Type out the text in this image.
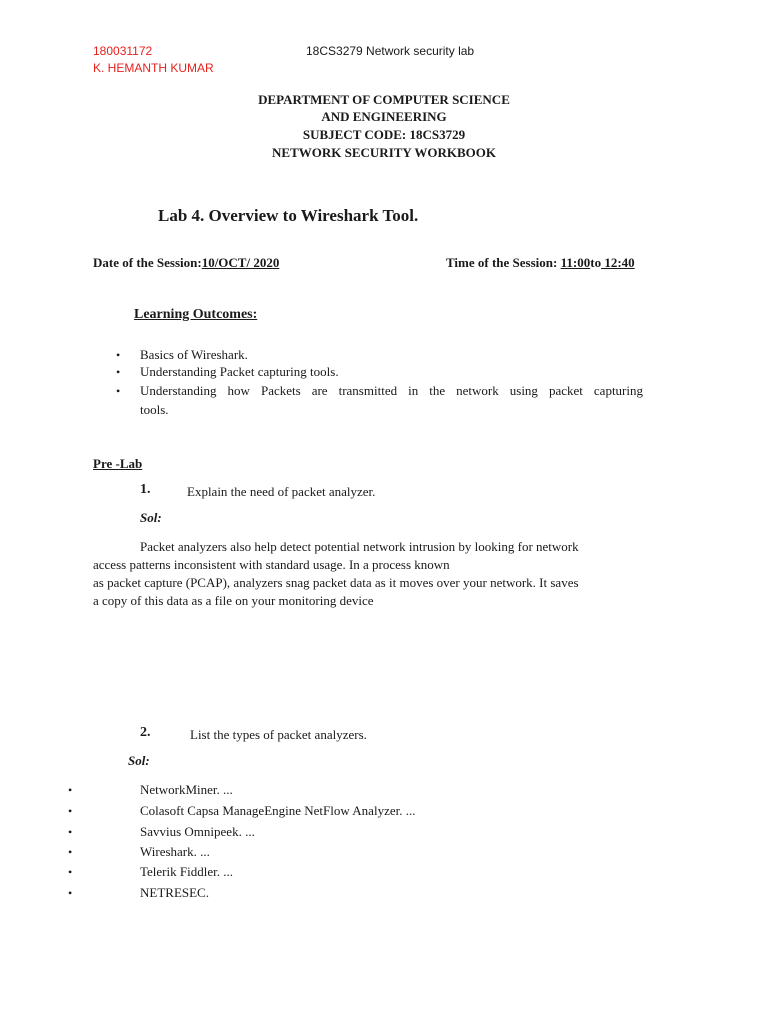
180031172	18CS3279 Network security lab
K. HEMANTH KUMAR
DEPARTMENT OF COMPUTER SCIENCE
AND ENGINEERING
SUBJECT CODE: 18CS3729
NETWORK SECURITY WORKBOOK
Lab 4. Overview to Wireshark Tool.
Date of the Session:10/OCT/ 2020	Time of the Session: 11:00to 12:40
Learning Outcomes:
• Basics of Wireshark.
• Understanding Packet capturing tools.
• Understanding how Packets are transmitted in the network using packet capturing
tools.
Pre -Lab
1.	Explain the need of packet analyzer.
Sol:
Packet analyzers also help detect potential network intrusion by looking for network
access patterns inconsistent with standard usage. In a process known
as packet capture (PCAP), analyzers snag packet data as it moves over your network. It saves
a copy of this data as a file on your monitoring device
2.	List the types of packet analyzers.
Sol:
•	NetworkMiner. ...
•	Colasoft Capsa ManageEngine NetFlow Analyzer. ...
•	Savvius Omnipeek. ...
•	Wireshark. ...
•	Telerik Fiddler. ...
•	NETRESEC.
